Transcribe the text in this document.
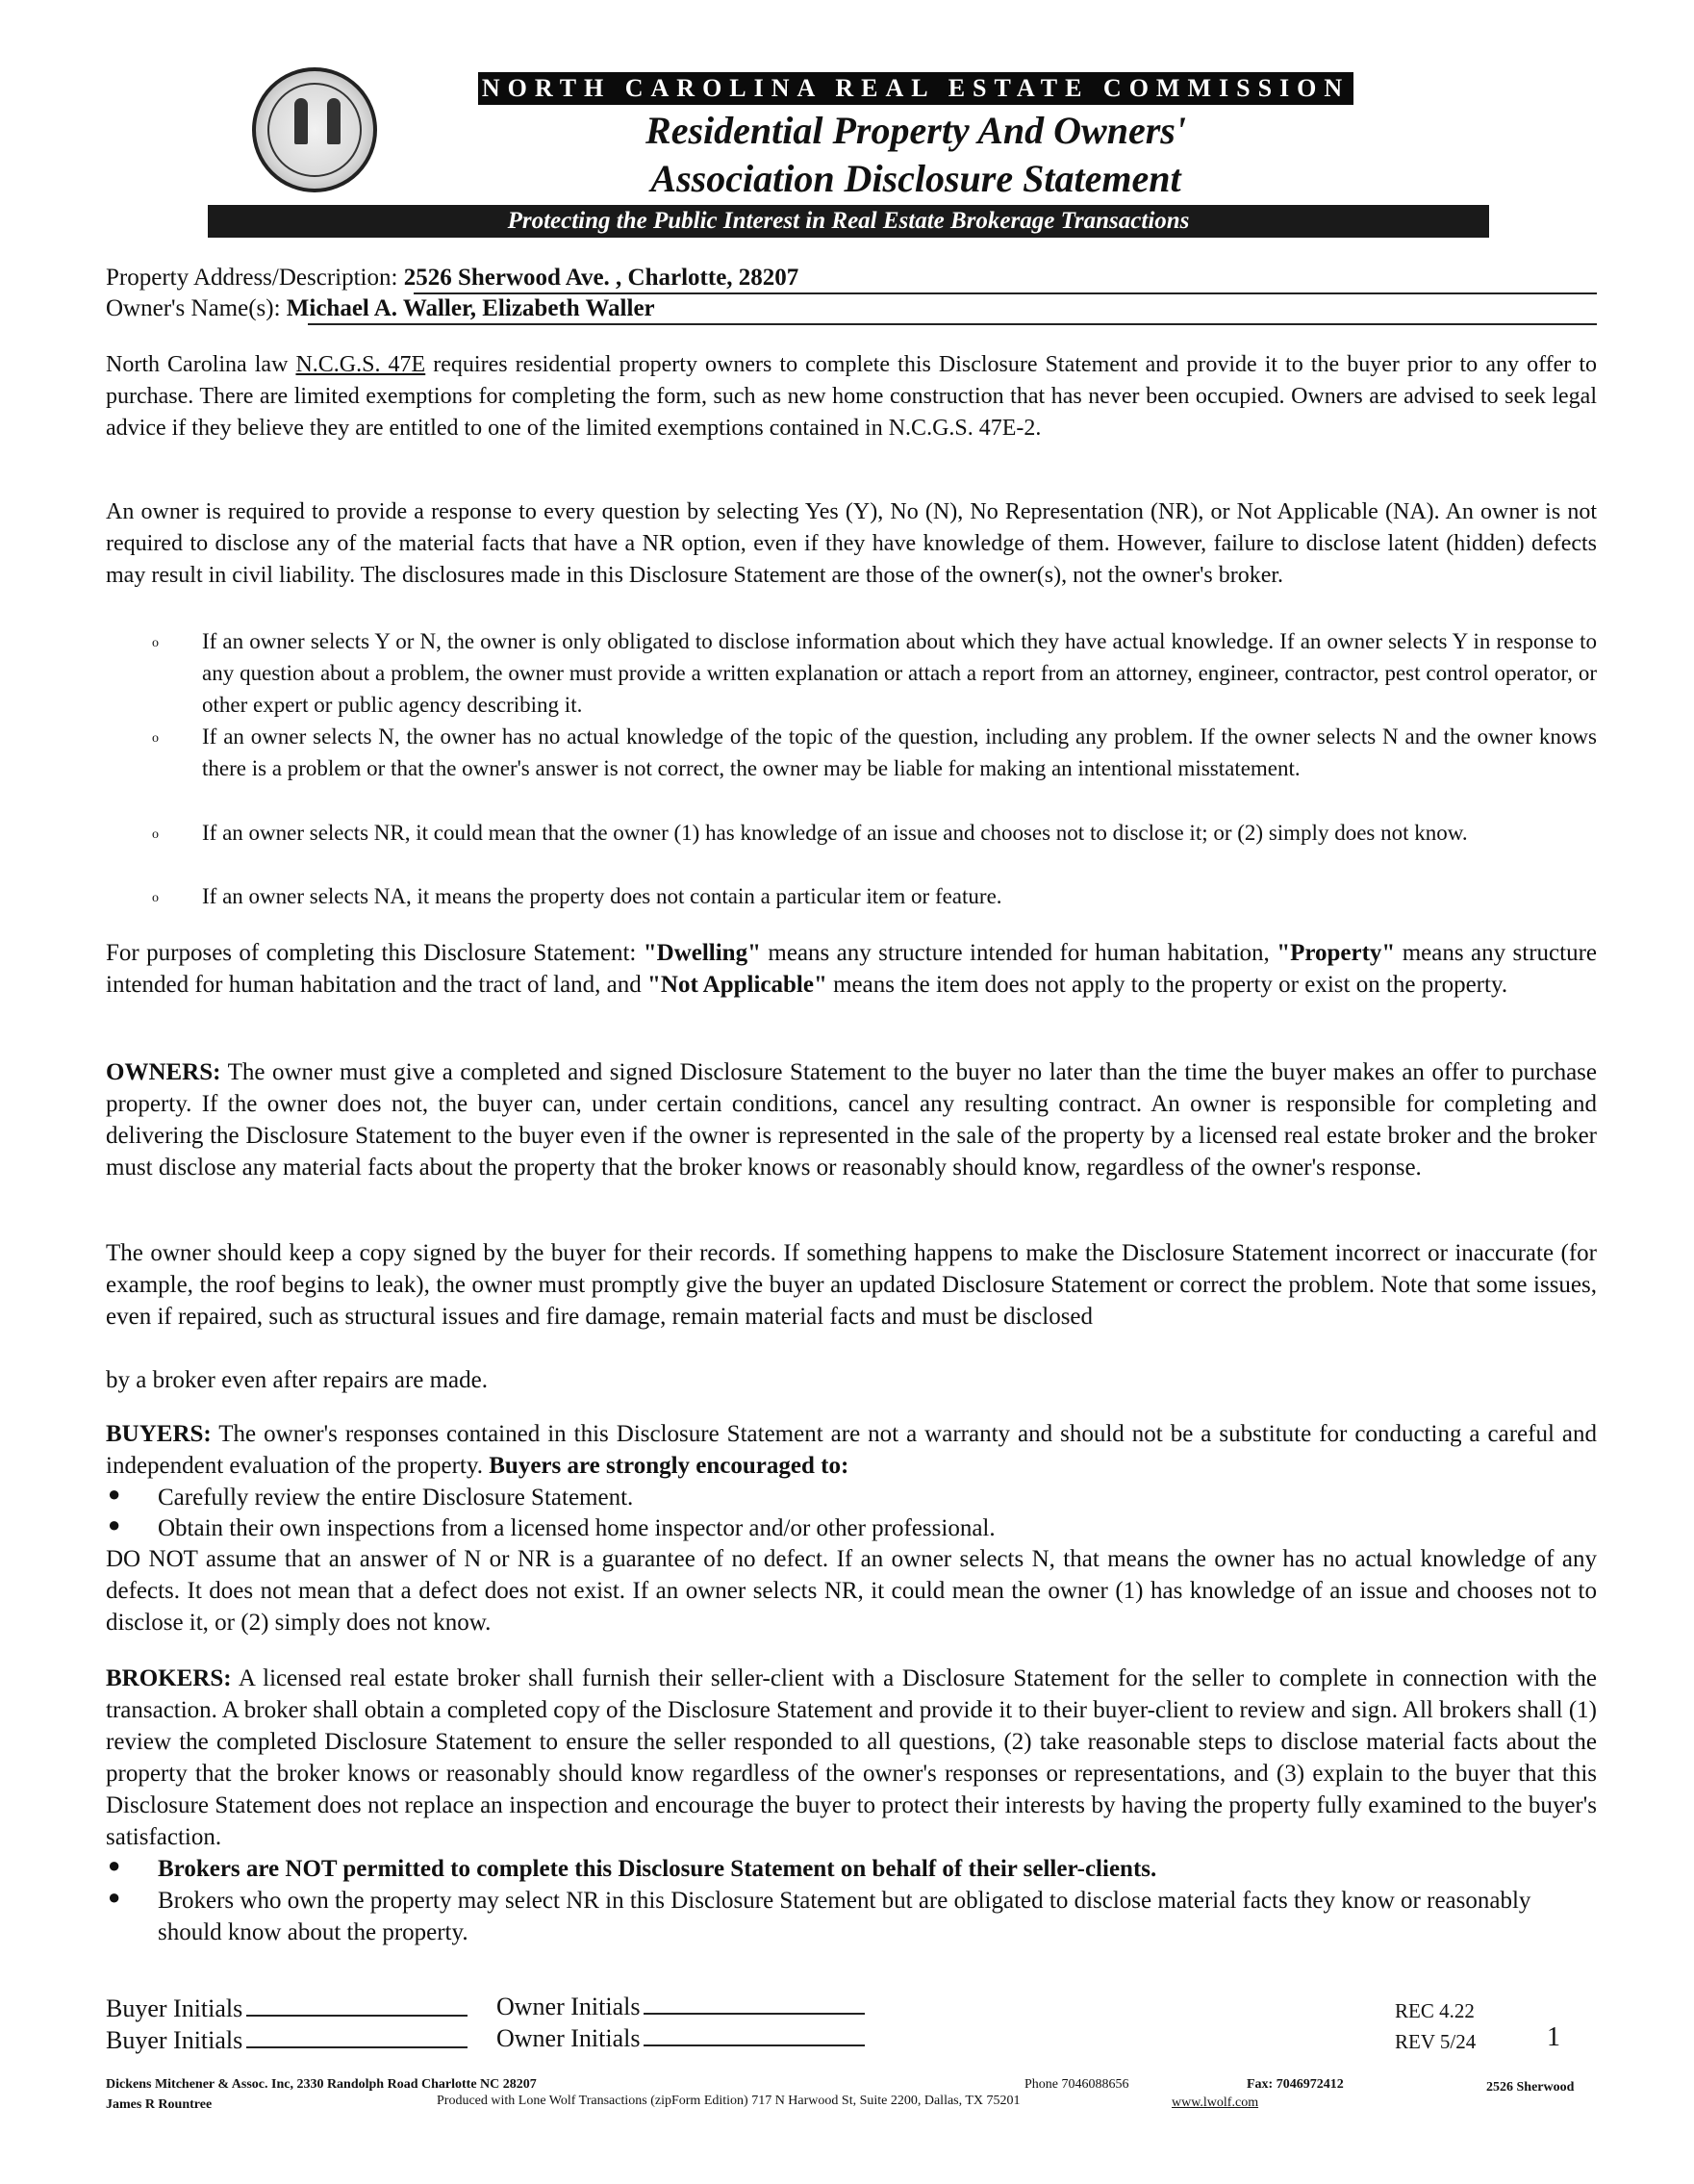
NORTH CAROLINA REAL ESTATE COMMISSION
Residential Property And Owners'
Association Disclosure Statement
Protecting the Public Interest in Real Estate Brokerage Transactions
Property Address/Description: 2526 Sherwood Ave. , Charlotte, 28207
Owner's Name(s): Michael A. Waller, Elizabeth Waller

North Carolina law N.C.G.S. 47E requires residential property owners to complete this Disclosure Statement and provide it to the buyer prior to any offer to purchase. There are limited exemptions for completing the form, such as new home construction that has never been occupied. Owners are advised to seek legal advice if they believe they are entitled to one of the limited exemptions contained in N.C.G.S. 47E-2.

An owner is required to provide a response to every question by selecting Yes (Y), No (N), No Representation (NR), or Not Applicable (NA). An owner is not required to disclose any of the material facts that have a NR option, even if they have knowledge of them. However, failure to disclose latent (hidden) defects may result in civil liability. The disclosures made in this Disclosure Statement are those of the owner(s), not the owner's broker.

o If an owner selects Y or N, the owner is only obligated to disclose information about which they have actual knowledge. If an owner selects Y in response to any question about a problem, the owner must provide a written explanation or attach a report from an attorney, engineer, contractor, pest control operator, or other expert or public agency describing it.

o If an owner selects N, the owner has no actual knowledge of the topic of the question, including any problem. If the owner selects N and the owner knows there is a problem or that the owner's answer is not correct, the owner may be liable for making an intentional misstatement.

o If an owner selects NR, it could mean that the owner (1) has knowledge of an issue and chooses not to disclose it; or (2) simply does not know.

o If an owner selects NA, it means the property does not contain a particular item or feature.

For purposes of completing this Disclosure Statement: "Dwelling" means any structure intended for human habitation, "Property" means any structure intended for human habitation and the tract of land, and "Not Applicable" means the item does not apply to the property or exist on the property.

OWNERS: The owner must give a completed and signed Disclosure Statement to the buyer no later than the time the buyer makes an offer to purchase property. If the owner does not, the buyer can, under certain conditions, cancel any resulting contract. An owner is responsible for completing and delivering the Disclosure Statement to the buyer even if the owner is represented in the sale of the property by a licensed real estate broker and the broker must disclose any material facts about the property that the broker knows or reasonably should know, regardless of the owner's response.

The owner should keep a copy signed by the buyer for their records. If something happens to make the Disclosure Statement incorrect or inaccurate (for example, the roof begins to leak), the owner must promptly give the buyer an updated Disclosure Statement or correct the problem. Note that some issues, even if repaired, such as structural issues and fire damage, remain material facts and must be disclosed

by a broker even after repairs are made.

BUYERS: The owner's responses contained in this Disclosure Statement are not a warranty and should not be a substitute for conducting a careful and independent evaluation of the property. Buyers are strongly encouraged to:

● Carefully review the entire Disclosure Statement.

● Obtain their own inspections from a licensed home inspector and/or other professional.

DO NOT assume that an answer of N or NR is a guarantee of no defect. If an owner selects N, that means the owner has no actual knowledge of any defects. It does not mean that a defect does not exist. If an owner selects NR, it could mean the owner (1) has knowledge of an issue and chooses not to disclose it, or (2) simply does not know.

BROKERS: A licensed real estate broker shall furnish their seller-client with a Disclosure Statement for the seller to complete in connection with the transaction. A broker shall obtain a completed copy of the Disclosure Statement and provide it to their buyer-client to review and sign. All brokers shall (1) review the completed Disclosure Statement to ensure the seller responded to all questions, (2) take reasonable steps to disclose material facts about the property that the broker knows or reasonably should know regardless of the owner's responses or representations, and (3) explain to the buyer that this Disclosure Statement does not replace an inspection and encourage the buyer to protect their interests by having the property fully examined to the buyer's satisfaction.

● Brokers are NOT permitted to complete this Disclosure Statement on behalf of their seller-clients.

● Brokers who own the property may select NR in this Disclosure Statement but are obligated to disclose material facts they know or reasonably should know about the property.

Buyer Initials	Owner Initials
Buyer Initials	Owner Initials
REC 4.22
REV 5/24	1
Dickens Mitchener & Assoc. Inc, 2330 Randolph Road Charlotte NC 28207
James R Rountree
Phone 7046088656	Fax: 7046972412	2526 Sherwood
Produced with Lone Wolf Transactions (zipForm Edition) 717 N Harwood St, Suite 2200, Dallas, TX 75201	www.lwolf.com
